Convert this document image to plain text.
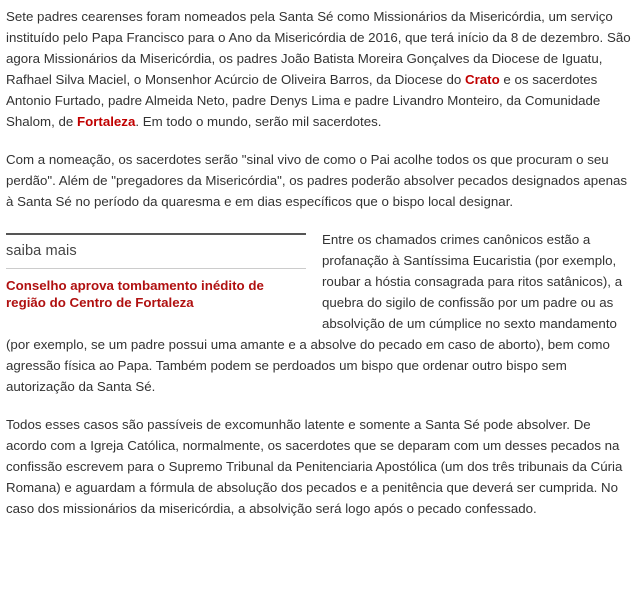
Sete padres cearenses foram nomeados pela Santa Sé como Missionários da Misericórdia, um serviço instituído pelo Papa Francisco para o Ano da Misericórdia de 2016, que terá início da 8 de dezembro. São agora Missionários da Misericórdia, os padres João Batista Moreira Gonçalves da Diocese de Iguatu, Rafhael Silva Maciel, o Monsenhor Acúrcio de Oliveira Barros, da Diocese do Crato e os sacerdotes Antonio Furtado, padre Almeida Neto, padre Denys Lima e padre Livandro Monteiro, da Comunidade Shalom, de Fortaleza. Em todo o mundo, serão mil sacerdotes.

Com a nomeação, os sacerdotes serão "sinal vivo de como o Pai acolhe todos os que procuram o seu perdão". Além de "pregadores da Misericórdia", os padres poderão absolver pecados designados apenas à Santa Sé no período da quaresma e em dias específicos que o bispo local designar.

saiba mais
Conselho aprova tombamento inédito de região do Centro de Fortaleza

Entre os chamados crimes canônicos estão a profanação à Santíssima Eucaristia (por exemplo, roubar a hóstia consagrada para ritos satânicos), a quebra do sigilo de confissão por um padre ou as absolvição de um cúmplice no sexto mandamento (por exemplo, se um padre possui uma amante e a absolve do pecado em caso de aborto), bem como agressão física ao Papa. Também podem se perdoados um bispo que ordenar outro bispo sem autorização da Santa Sé.

Todos esses casos são passíveis de excomunhão latente e somente a Santa Sé pode absolver. De acordo com a Igreja Católica, normalmente, os sacerdotes que se deparam com um desses pecados na confissão escrevem para o Supremo Tribunal da Penitenciaria Apostólica (um dos três tribunais da Cúria Romana) e aguardam a fórmula de absolução dos pecados e a penitência que deverá ser cumprida. No caso dos missionários da misericórdia, a absolvição será logo após o pecado confessado.
